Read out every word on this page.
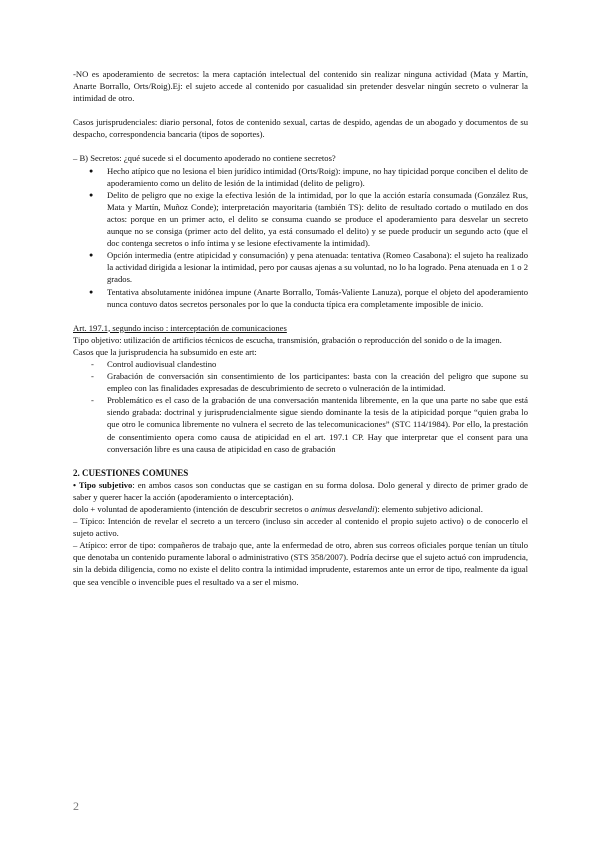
-NO es apoderamiento de secretos: la mera captación intelectual del contenido sin realizar ninguna actividad (Mata y Martín, Anarte Borrallo, Orts/Roig).Ej: el sujeto accede al contenido por casualidad sin pretender desvelar ningún secreto o vulnerar la intimidad de otro.

Casos jurisprudenciales: diario personal, fotos de contenido sexual, cartas de despido, agendas de un abogado y documentos de su despacho, correspondencia bancaria (tipos de soportes).

– B) Secretos: ¿qué sucede si el documento apoderado no contiene secretos?

● Hecho atípico que no lesiona el bien jurídico intimidad (Orts/Roig): impune, no hay tipicidad porque conciben el delito de apoderamiento como un delito de lesión de la intimidad (delito de peligro).
● Delito de peligro que no exige la efectiva lesión de la intimidad, por lo que la acción estaría consumada (González Rus, Mata y Martín, Muñoz Conde); interpretación mayoritaria (también TS): delito de resultado cortado o mutilado en dos actos: porque en un primer acto, el delito se consuma cuando se produce el apoderamiento para desvelar un secreto aunque no se consiga (primer acto del delito, ya está consumado el delito) y se puede producir un segundo acto (que el doc contenga secretos o info íntima y se lesione efectivamente la intimidad).
● Opción intermedia (entre atipicidad y consumación) y pena atenuada: tentativa (Romeo Casabona): el sujeto ha realizado la actividad dirigida a lesionar la intimidad, pero por causas ajenas a su voluntad, no lo ha logrado. Pena atenuada en 1 o 2 grados.
● Tentativa absolutamente inidónea impune (Anarte Borrallo, Tomás-Valiente Lanuza), porque el objeto del apoderamiento nunca contuvo datos secretos personales por lo que la conducta típica era completamente imposible de inicio.

Art. 197.1, segundo inciso : interceptación de comunicaciones

Tipo objetivo: utilización de artificios técnicos de escucha, transmisión, grabación o reproducción del sonido o de la imagen.

Casos que la jurisprudencia ha subsumido en este art:

- Control audiovisual clandestino
- Grabación de conversación sin consentimiento de los participantes: basta con la creación del peligro que supone su empleo con las finalidades expresadas de descubrimiento de secreto o vulneración de la intimidad.
- Problemático es el caso de la grabación de una conversación mantenida libremente, en la que una parte no sabe que está siendo grabada: doctrinal y jurisprudencialmente sigue siendo dominante la tesis de la atipicidad porque “quien graba lo que otro le comunica libremente no vulnera el secreto de las telecomunicaciones” (STC 114/1984). Por ello, la prestación de consentimiento opera como causa de atipicidad en el art. 197.1 CP. Hay que interpretar que el consent para una conversación libre es una causa de atipicidad en caso de grabación

2. CUESTIONES COMUNES

• Tipo subjetivo: en ambos casos son conductas que se castigan en su forma dolosa. Dolo general y directo de primer grado de saber y querer hacer la acción (apoderamiento o interceptación).

dolo + voluntad de apoderamiento (intención de descubrir secretos o animus desvelandi): elemento subjetivo adicional.

– Típico: Intención de revelar el secreto a un tercero (incluso sin acceder al contenido el propio sujeto activo) o de conocerlo el sujeto activo.

– Atípico: error de tipo: compañeros de trabajo que, ante la enfermedad de otro, abren sus correos oficiales porque tenían un título que denotaba un contenido puramente laboral o administrativo (STS 358/2007). Podría decirse que el sujeto actuó con imprudencia, sin la debida diligencia, como no existe el delito contra la intimidad imprudente, estaremos ante un error de tipo, realmente da igual que sea vencible o invencible pues el resultado va a ser el mismo.

2
